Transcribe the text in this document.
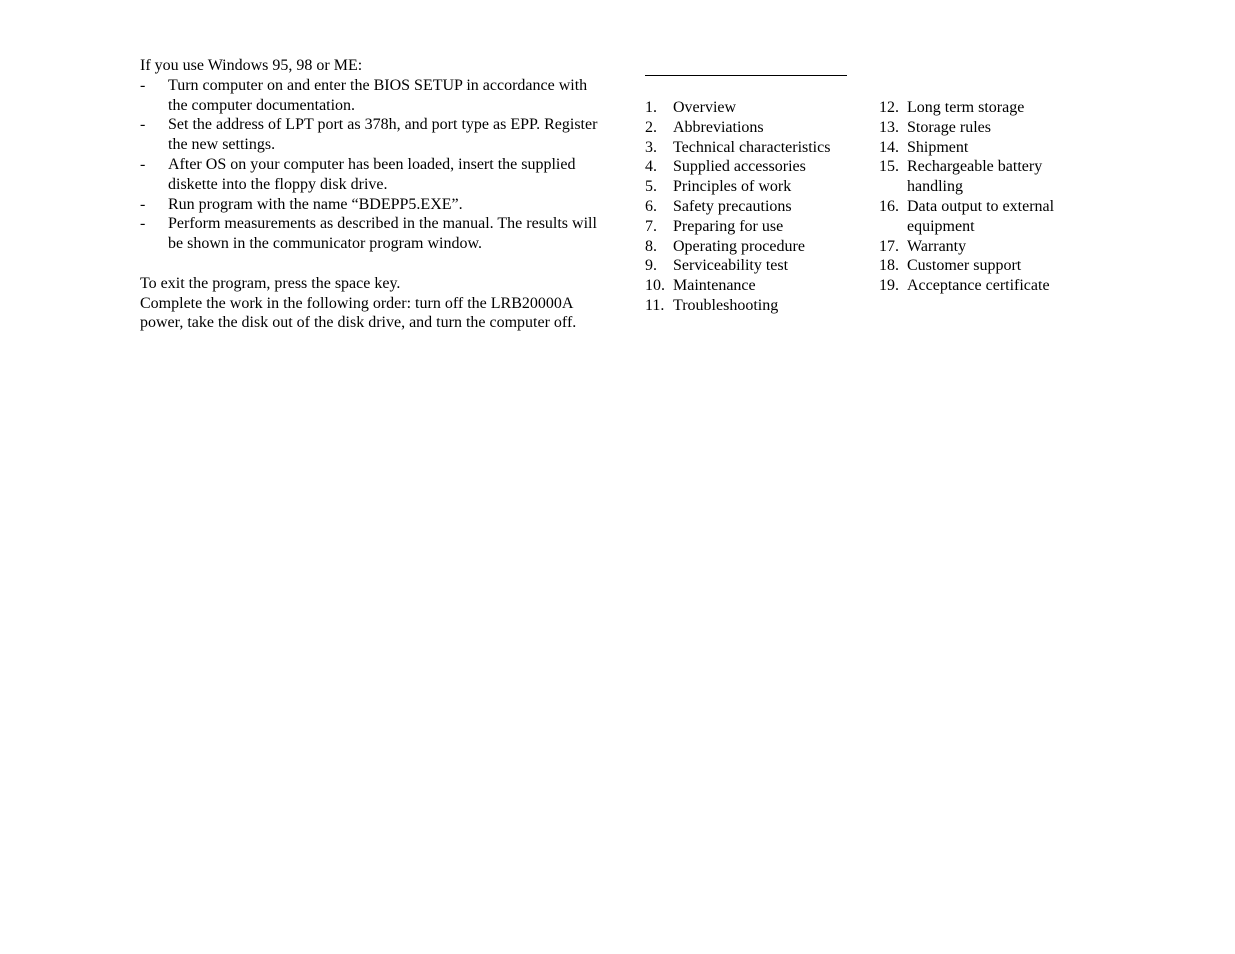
If you use Windows 95, 98 or ME:

-	Turn computer on and enter the BIOS SETUP in accordance with the computer documentation.
-	Set the address of LPT port as 378h, and port type as EPP. Register the new settings.
-	After OS on your computer has been loaded, insert the supplied diskette into the floppy disk drive.
-	Run program with the name “BDEPP5.EXE”.
-	Perform measurements as described in the manual. The results will be shown in the communicator program window.

To exit the program, press the space key.

Complete the work in the following order: turn off the LRB20000A power, take the disk out of the disk drive, and turn the computer off.

1.	Overview
2.	Abbreviations
3.	Technical characteristics
4.	Supplied accessories
5.	Principles of work
6.	Safety precautions
7.	Preparing for use
8.	Operating procedure
9.	Serviceability test
10. Maintenance
11. Troubleshooting
12. Long term storage
13. Storage rules
14. Shipment
15. Rechargeable battery handling
16. Data output to external equipment
17. Warranty
18. Customer support
19. Acceptance certificate
